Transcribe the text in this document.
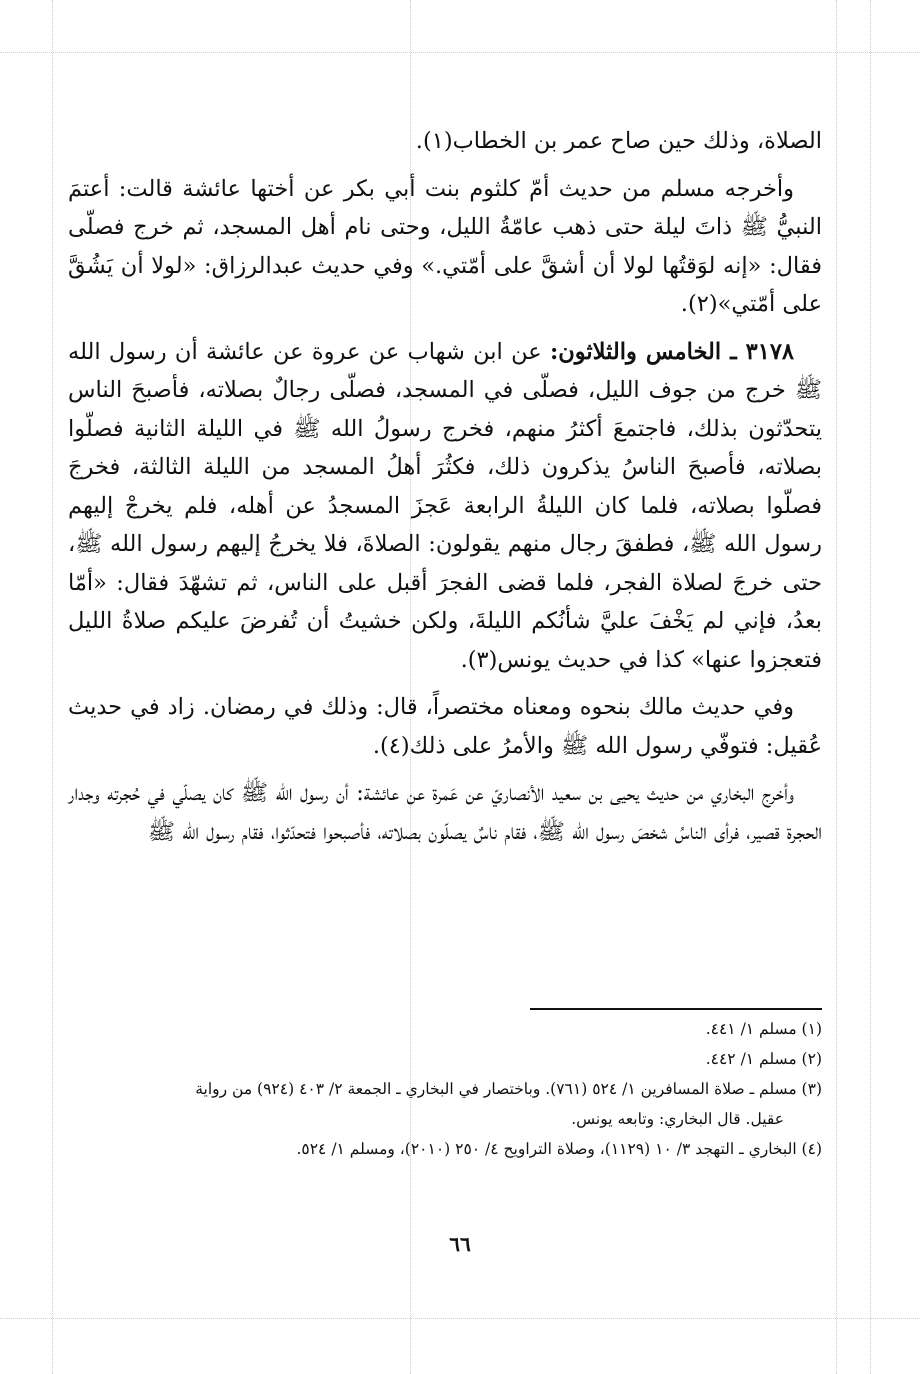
الصلاة، وذلك حين صاح عمر بن الخطاب(١).

وأخرجه مسلم من حديث أمّ كلثوم بنت أبي بكر عن أختها عائشة قالت: أعتمَ النبيُّ ﷺ ذاتَ ليلة حتى ذهب عامّةُ الليل، وحتى نام أهل المسجد، ثم خرج فصلّى فقال: «إنه لوَقتُها لولا أن أشقَّ على أمّتي.» وفي حديث عبدالرزاق: «لولا أن يَشُقَّ على أمّتي»(٢).

٣١٧٨ ـ الخامس والثلاثون: عن ابن شهاب عن عروة عن عائشة أن رسول الله ﷺ خرج من جوف الليل، فصلّى في المسجد، فصلّى رجالٌ بصلاته، فأصبحَ الناس يتحدّثون بذلك، فاجتمعَ أكثرُ منهم، فخرج رسولُ الله ﷺ في الليلة الثانية فصلّوا بصلاته، فأصبحَ الناسُ يذكرون ذلك، فكثُرَ أهلُ المسجد من الليلة الثالثة، فخرجَ فصلّوا بصلاته، فلما كان الليلةُ الرابعة عَجزَ المسجدُ عن أهله، فلم يخرجْ إليهم رسول الله ﷺ، فطفقَ رجال منهم يقولون: الصلاةَ، فلا يخرجُ إليهم رسول الله ﷺ، حتى خرجَ لصلاة الفجر، فلما قضى الفجرَ أقبل على الناس، ثم تشهّدَ فقال: «أمّا بعدُ، فإني لم يَخْفَ عليَّ شأنُكم الليلةَ، ولكن خشيتُ أن تُفرضَ عليكم صلاةُ الليل فتعجزوا عنها» كذا في حديث يونس(٣).

وفي حديث مالك بنحوه ومعناه مختصراً، قال: وذلك في رمضان. زاد في حديث عُقيل: فتوفّي رسول الله ﷺ والأمرُ على ذلك(٤).

وأخرج البخاري من حديث يحيى بن سعيد الأنصاريّ عن عَمرة عن عائشة: أن رسول الله ﷺ كان يصلّي في حُجرته وجدار الحجرة قصير، فرأى الناسُ شخصَ رسول الله ﷺ، فقام ناسٌ يصلّون بصلاته، فأصبحوا فتحدّثوا، فقام رسول الله ﷺ

(١) مسلم ١/ ٤٤١.

(٢) مسلم ١/ ٤٤٢.

(٣) مسلم ـ صلاة المسافرين ١/ ٥٢٤ (٧٦١). وباختصار في البخاري ـ الجمعة ٢/ ٤٠٣ (٩٢٤) من رواية

عقيل. قال البخاري: وتابعه يونس.

(٤) البخاري ـ التهجد ٣/ ١٠ (١١٢٩)، وصلاة التراويح ٤/ ٢٥٠ (٢٠١٠)، ومسلم ١/ ٥٢٤.

٦٦
